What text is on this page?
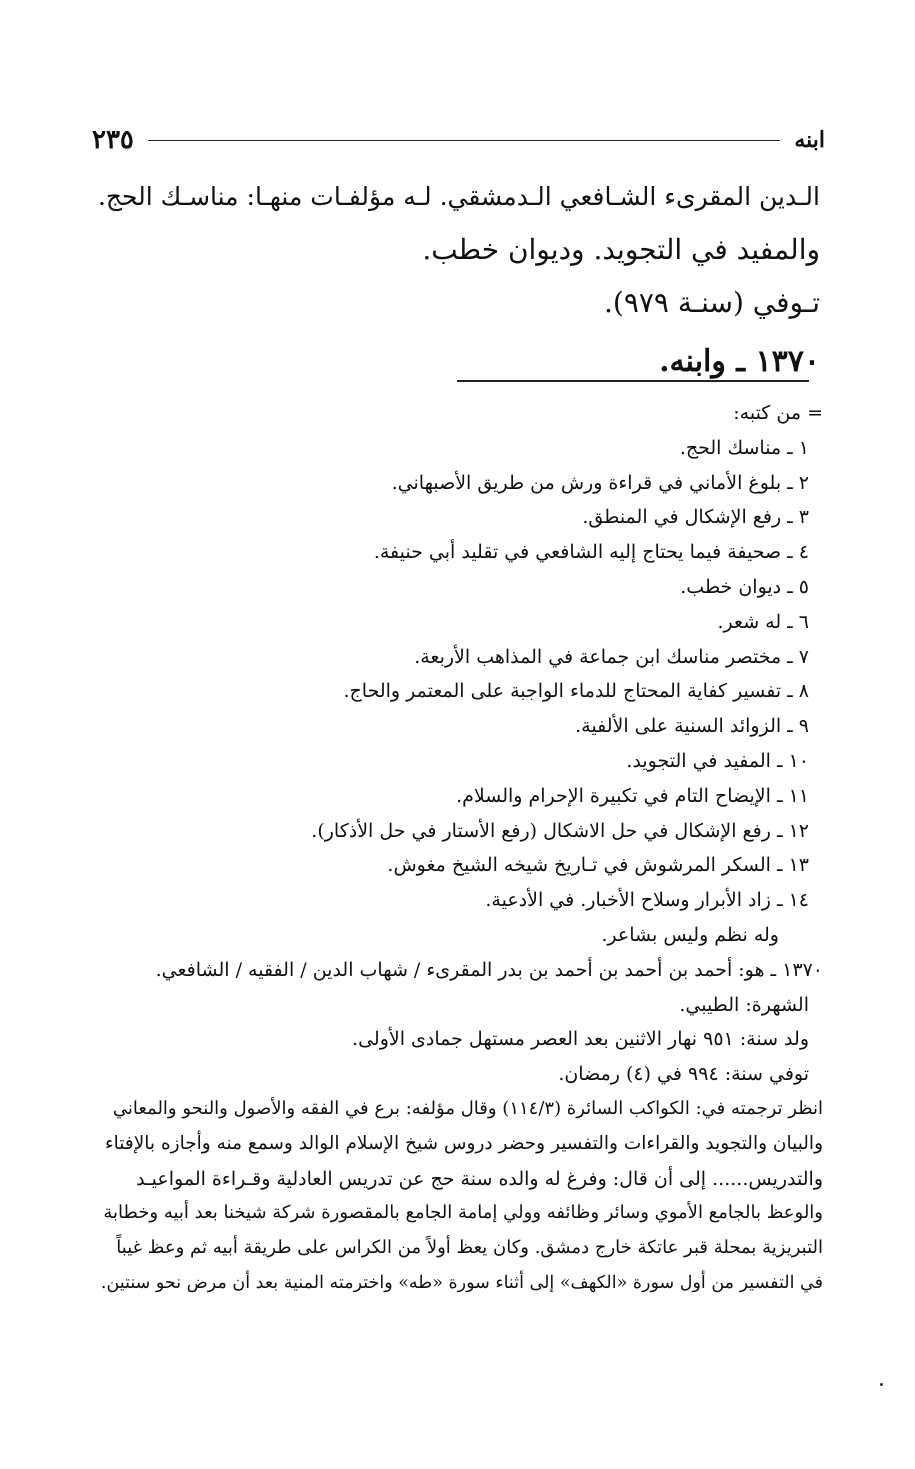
٢٣٥	ابنه
الـدين المقرىء الشـافعي الـدمشقي. لـه مؤلفـات منهـا: مناسـك الحج.
والمفيد في التجويد. وديوان خطب.
تـوفي (سنـة ٩٧٩).
١٣٧٠ ـ وابنه.
= من كتبه:
١ ـ مناسك الحج.
٢ ـ بلوغ الأماني في قراءة ورش من طريق الأصبهاني.
٣ ـ رفع الإشكال في المنطق.
٤ ـ صحيفة فيما يحتاج إليه الشافعي في تقليد أبي حنيفة.
٥ ـ ديوان خطب.
٦ ـ له شعر.
٧ ـ مختصر مناسك ابن جماعة في المذاهب الأربعة.
٨ ـ تفسير كفاية المحتاج للدماء الواجبة على المعتمر والحاج.
٩ ـ الزوائد السنية على الألفية.
١٠ ـ المفيد في التجويد.
١١ ـ الإيضاح التام في تكبيرة الإحرام والسلام.
١٢ ـ رفع الإشكال في حل الاشكال (رفع الأستار في حل الأذكار).
١٣ ـ السكر المرشوش في تـاريخ شيخه الشيخ مغوش.
١٤ ـ زاد الأبرار وسلاح الأخبار. في الأدعية.
وله نظم وليس بشاعر.
١٣٧٠ ـ هو: أحمد بن أحمد بن أحمد بن بدر المقرىء / شهاب الدين / الفقيه / الشافعي.
الشهرة: الطيبي.
ولد سنة: ٩٥١ نهار الاثنين بعد العصر مستهل جمادى الأولى.
توفي سنة: ٩٩٤ في (٤) رمضان.
انظر ترجمته في: الكواكب السائرة (١١٤/٣) وقال مؤلفه: برع في الفقه والأصول والنحو والمعاني
والبيان والتجويد والقراءات والتفسير وحضر دروس شيخ الإسلام الوالد وسمع منه وأجازه بالإفتاء
والتدريس...... إلى أن قال: وفرغ له والده سنة حج عن تدريس العادلية وقـراءة المواعيـد
والوعظ بالجامع الأموي وسائر وظائفه وولي إمامة الجامع بالمقصورة شركة شيخنا بعد أبيه وخطابة
التبريزية بمحلة قبر عاتكة خارج دمشق. وكان يعظ أولاً من الكراس على طريقة أبيه ثم وعظ غيباً
في التفسير من أول سورة «الكهف» إلى أثناء سورة «طه» واخترمته المنية بعد أن مرض نحو سنتين.
